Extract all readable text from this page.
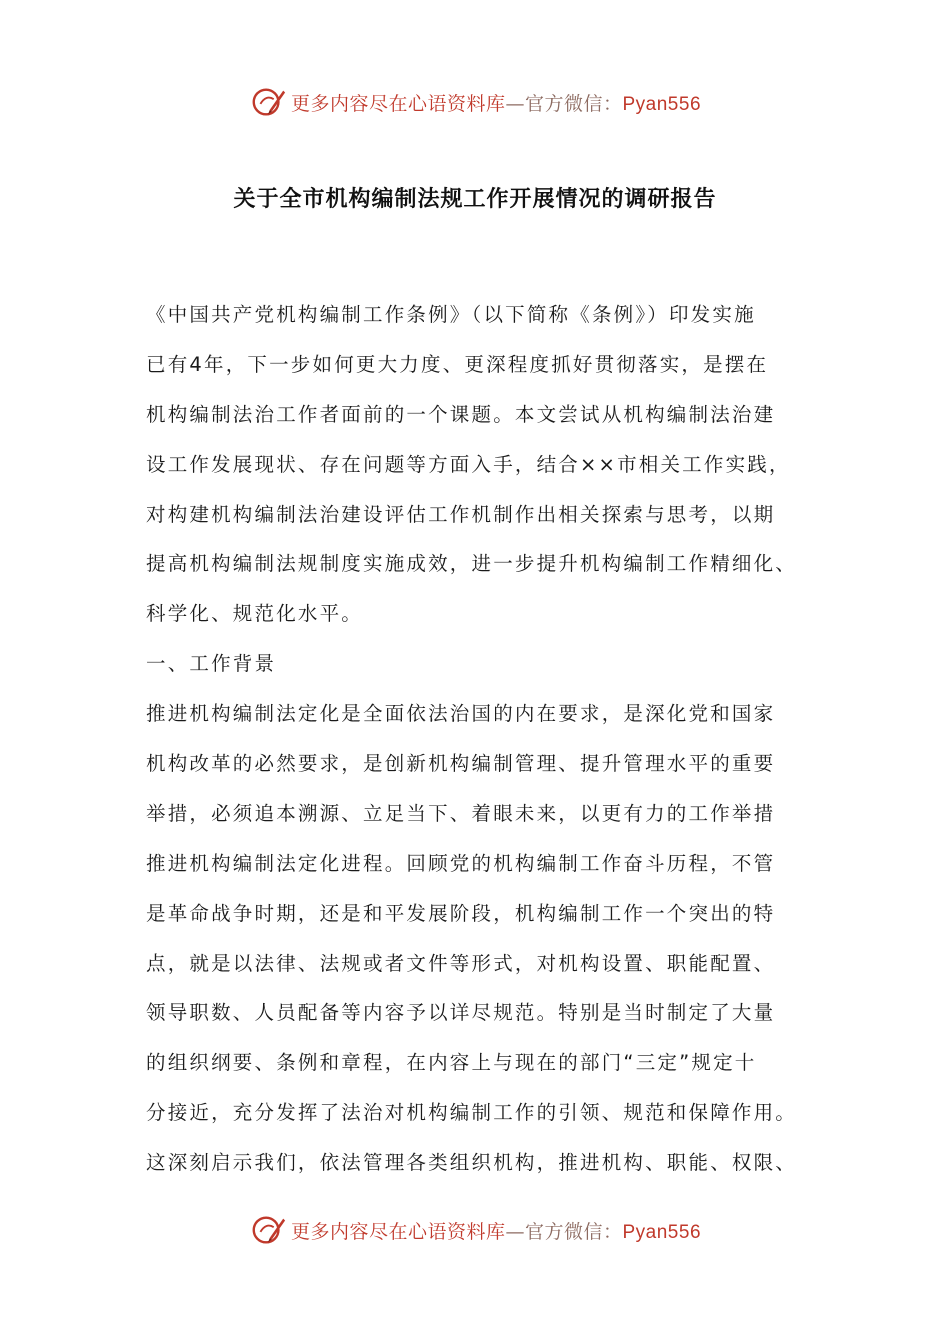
更多内容尽在心语资料库—官方微信：Pyan556
关于全市机构编制法规工作开展情况的调研报告
《中国共产党机构编制工作条例》（以下简称《条例》）印发实施
已有4年，下一步如何更大力度、更深程度抓好贯彻落实，是摆在
机构编制法治工作者面前的一个课题。本文尝试从机构编制法治建
设工作发展现状、存在问题等方面入手，结合××市相关工作实践，
对构建机构编制法治建设评估工作机制作出相关探索与思考，以期
提高机构编制法规制度实施成效，进一步提升机构编制工作精细化、
科学化、规范化水平。
一、工作背景
推进机构编制法定化是全面依法治国的内在要求，是深化党和国家
机构改革的必然要求，是创新机构编制管理、提升管理水平的重要
举措，必须追本溯源、立足当下、着眼未来，以更有力的工作举措
推进机构编制法定化进程。回顾党的机构编制工作奋斗历程，不管
是革命战争时期，还是和平发展阶段，机构编制工作一个突出的特
点，就是以法律、法规或者文件等形式，对机构设置、职能配置、
领导职数、人员配备等内容予以详尽规范。特别是当时制定了大量
的组织纲要、条例和章程，在内容上与现在的部门“三定”规定十
分接近，充分发挥了法治对机构编制工作的引领、规范和保障作用。
这深刻启示我们，依法管理各类组织机构，推进机构、职能、权限、
更多内容尽在心语资料库—官方微信：Pyan556
